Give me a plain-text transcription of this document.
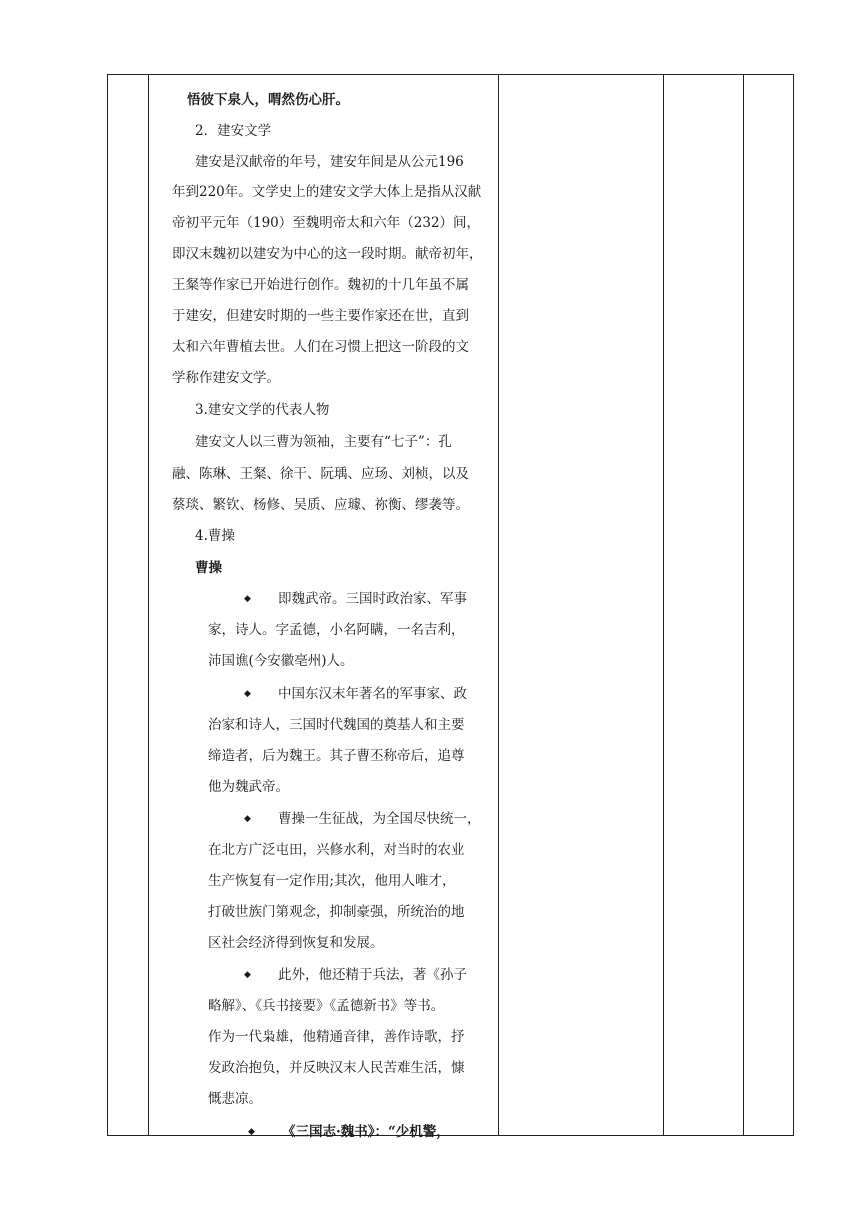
悟彼下泉人，喟然伤心肝。
2．建安文学
建安是汉献帝的年号，建安年间是从公元196
年到220年。文学史上的建安文学大体上是指从汉献
帝初平元年（190）至魏明帝太和六年（232）间，
即汉末魏初以建安为中心的这一段时期。献帝初年，
王粲等作家已开始进行创作。魏初的十几年虽不属
于建安，但建安时期的一些主要作家还在世，直到
太和六年曹植去世。人们在习惯上把这一阶段的文
学称作建安文学。
3.建安文学的代表人物
建安文人以三曹为领袖，主要有“七子”：孔
融、陈琳、王粲、徐干、阮瑀、应玚、刘桢，以及
蔡琰、繁钦、杨修、吴质、应璩、祢衡、缪袭等。
4.曹操
曹操
◆ 即魏武帝。三国时政治家、军事
家，诗人。字孟德，小名阿瞒，一名吉利，
沛国谯(今安徽亳州)人。
◆ 中国东汉末年著名的军事家、政
治家和诗人，三国时代魏国的奠基人和主要
缔造者，后为魏王。其子曹丕称帝后，追尊
他为魏武帝。
◆ 曹操一生征战，为全国尽快统一，
在北方广泛屯田，兴修水利，对当时的农业
生产恢复有一定作用;其次，他用人唯才，
打破世族门第观念，抑制豪强，所统治的地
区社会经济得到恢复和发展。
◆ 此外，他还精于兵法，著《孙子
略解》、《兵书接要》《孟德新书》等书。
作为一代枭雄，他精通音律，善作诗歌，抒
发政治抱负，并反映汉末人民苦难生活，慷
慨悲凉。
◆ 《三国志·魏书》：“少机警，
